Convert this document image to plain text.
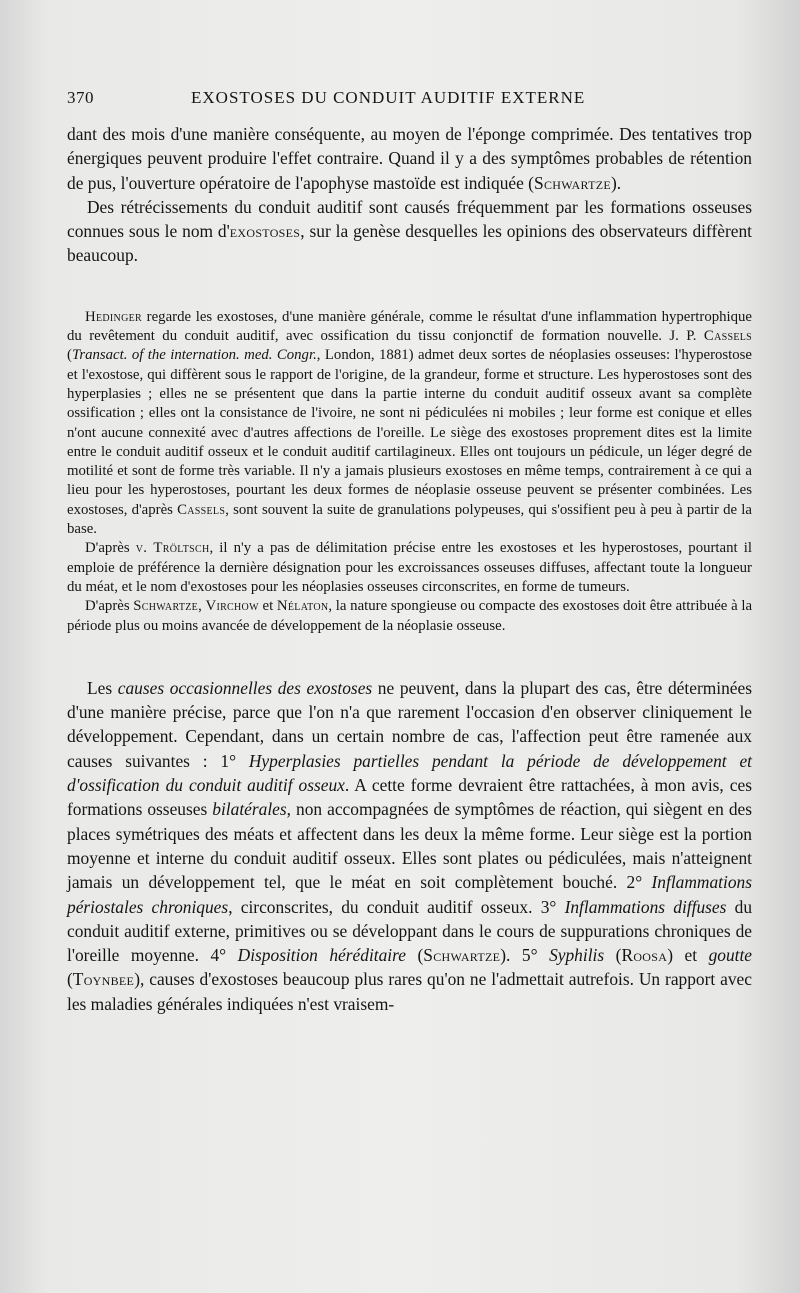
370	EXOSTOSES DU CONDUIT AUDITIF EXTERNE

dant des mois d'une manière conséquente, au moyen de l'éponge comprimée. Des tentatives trop énergiques peuvent produire l'effet contraire. Quand il y a des symptômes probables de rétention de pus, l'ouverture opératoire de l'apophyse mastoïde est indiquée (Schwartze).

Des rétrécissements du conduit auditif sont causés fréquemment par les formations osseuses connues sous le nom d'exostoses, sur la genèse desquelles les opinions des observateurs diffèrent beaucoup.

Hedinger regarde les exostoses, d'une manière générale, comme le résultat d'une inflammation hypertrophique du revêtement du conduit auditif, avec ossification du tissu conjonctif de formation nouvelle. J. P. Cassels (Transact. of the internation. med. Congr., London, 1881) admet deux sortes de néoplasies osseuses: l'hyperostose et l'exostose, qui diffèrent sous le rapport de l'origine, de la grandeur, forme et structure. Les hyperostoses sont des hyperplasies ; elles ne se présentent que dans la partie interne du conduit auditif osseux avant sa complète ossification ; elles ont la consistance de l'ivoire, ne sont ni pédiculées ni mobiles ; leur forme est conique et elles n'ont aucune connexité avec d'autres affections de l'oreille. Le siège des exostoses proprement dites est la limite entre le conduit auditif osseux et le conduit auditif cartilagineux. Elles ont toujours un pédicule, un léger degré de motilité et sont de forme très variable. Il n'y a jamais plusieurs exostoses en même temps, contrairement à ce qui a lieu pour les hyperostoses, pourtant les deux formes de néoplasie osseuse peuvent se présenter combinées. Les exostoses, d'après Cassels, sont souvent la suite de granulations polypeuses, qui s'ossifient peu à peu à partir de la base.

D'après v. Tröltsch, il n'y a pas de délimitation précise entre les exostoses et les hyperostoses, pourtant il emploie de préférence la dernière désignation pour les excroissances osseuses diffuses, affectant toute la longueur du méat, et le nom d'exostoses pour les néoplasies osseuses circonscrites, en forme de tumeurs.

D'après Schwartze, Virchow et Nélaton, la nature spongieuse ou compacte des exostoses doit être attribuée à la période plus ou moins avancée de développement de la néoplasie osseuse.

Les causes occasionnelles des exostoses ne peuvent, dans la plupart des cas, être déterminées d'une manière précise, parce que l'on n'a que rarement l'occasion d'en observer cliniquement le développement. Cependant, dans un certain nombre de cas, l'affection peut être ramenée aux causes suivantes : 1° Hyperplasies partielles pendant la période de développement et d'ossification du conduit auditif osseux. A cette forme devraient être rattachées, à mon avis, ces formations osseuses bilatérales, non accompagnées de symptômes de réaction, qui siègent en des places symétriques des méats et affectent dans les deux la même forme. Leur siège est la portion moyenne et interne du conduit auditif osseux. Elles sont plates ou pédiculées, mais n'atteignent jamais un développement tel, que le méat en soit complètement bouché. 2° Inflammations périostales chroniques, circonscrites, du conduit auditif osseux. 3° Inflammations diffuses du conduit auditif externe, primitives ou se développant dans le cours de suppurations chroniques de l'oreille moyenne. 4° Disposition héréditaire (Schwartze). 5° Syphilis (Roosa) et goutte (Toynbee), causes d'exostoses beaucoup plus rares qu'on ne l'admettait autrefois. Un rapport avec les maladies générales indiquées n'est vraisem-
